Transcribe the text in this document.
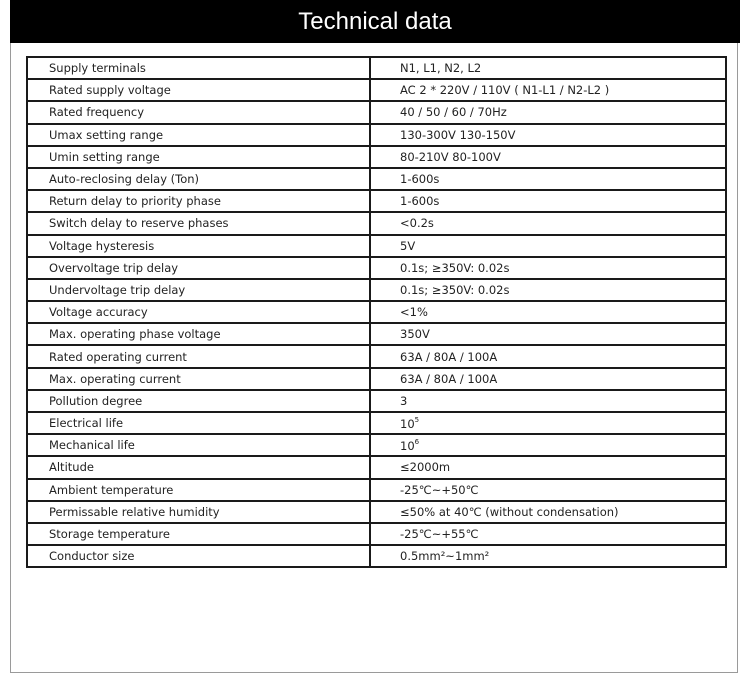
Technical data
Supply terminals	N1, L1, N2, L2
Rated supply voltage	AC 2 * 220V / 110V ( N1-L1 / N2-L2 )
Rated frequency	40 / 50 / 60 / 70Hz
Umax setting range	130-300V 130-150V
Umin setting range	80-210V 80-100V
Auto-reclosing delay (Ton)	1-600s
Return delay to priority phase	1-600s
Switch delay to reserve phases	<0.2s
Voltage hysteresis	5V
Overvoltage trip delay	0.1s; ≥350V: 0.02s
Undervoltage trip delay	0.1s; ≥350V: 0.02s
Voltage accuracy	<1%
Max. operating phase voltage	350V
Rated operating current	63A / 80A / 100A
Max. operating current	63A / 80A / 100A
Pollution degree	3
Electrical life	$10^5$
Mechanical life	$10^6$
Altitude	≤2000m
Ambient temperature	-25℃~+50℃
Permissable relative humidity	≤50% at 40℃ (without condensation)
Storage temperature	-25℃~+55℃
Conductor size	0.5mm²~1mm²
